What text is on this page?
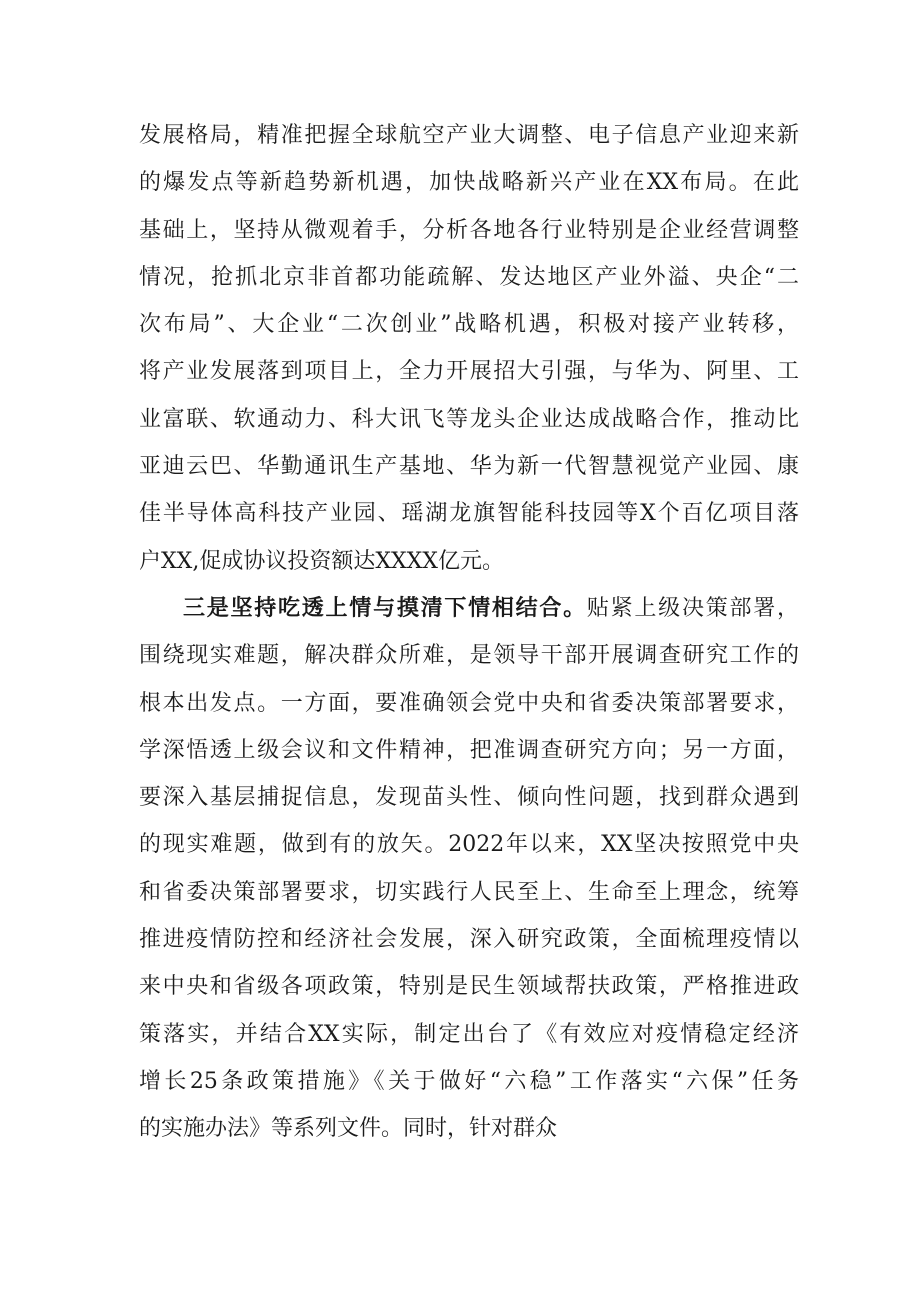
发展格局，精准把握全球航空产业大调整、电子信息产业迎来新
的爆发点等新趋势新机遇，加快战略新兴产业在XX布局。在此
基础上，坚持从微观着手，分析各地各行业特别是企业经营调整
情况，抢抓北京非首都功能疏解、发达地区产业外溢、央企“二
次布局”、大企业“二次创业”战略机遇，积极对接产业转移，
将产业发展落到项目上，全力开展招大引强，与华为、阿里、工
业富联、软通动力、科大讯飞等龙头企业达成战略合作，推动比
亚迪云巴、华勤通讯生产基地、华为新一代智慧视觉产业园、康
佳半导体高科技产业园、瑶湖龙旗智能科技园等X个百亿项目落
户XX,促成协议投资额达XXXX亿元。
三是坚持吃透上情与摸清下情相结合。贴紧上级决策部署，
围绕现实难题，解决群众所难，是领导干部开展调查研究工作的
根本出发点。一方面，要准确领会党中央和省委决策部署要求，
学深悟透上级会议和文件精神，把准调查研究方向；另一方面，
要深入基层捕捉信息，发现苗头性、倾向性问题，找到群众遇到
的现实难题，做到有的放矢。2022年以来，XX坚决按照党中央
和省委决策部署要求，切实践行人民至上、生命至上理念，统筹
推进疫情防控和经济社会发展，深入研究政策，全面梳理疫情以
来中央和省级各项政策，特别是民生领域帮扶政策，严格推进政
策落实，并结合XX实际，制定出台了《有效应对疫情稳定经济
增长25条政策措施》《关于做好“六稳”工作落实“六保”任务
的实施办法》等系列文件。同时，针对群众
